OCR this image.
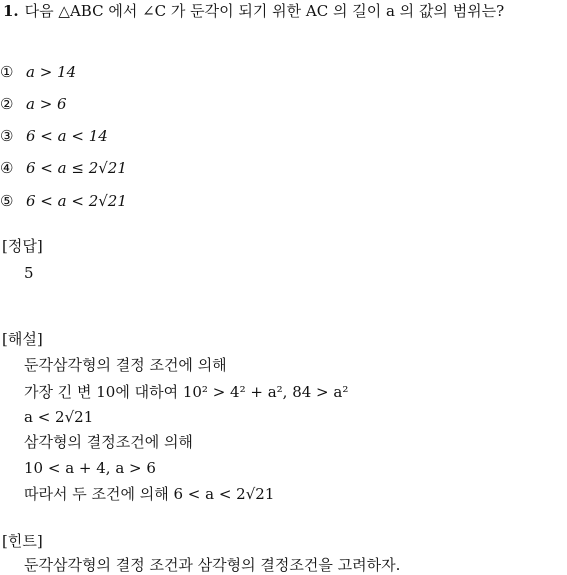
1. 다음 △ABC 에서 ∠C 가 둔각이 되기 위한 AC 의 길이 a 의 값의 범위는?
① a > 14
② a > 6
③ 6 < a < 14
④ 6 < a ≤ 2√21
⑤ 6 < a < 2√21
[정답]
5
[해설]
둔각삼각형의 결정 조건에 의해
가장 긴 변 10에 대하여 10² > 4² + a², 84 > a²
a < 2√21
삼각형의 결정조건에 의해
10 < a + 4, a > 6
따라서 두 조건에 의해 6 < a < 2√21
[힌트]
둔각삼각형의 결정 조건과 삼각형의 결정조건을 고려하자.
